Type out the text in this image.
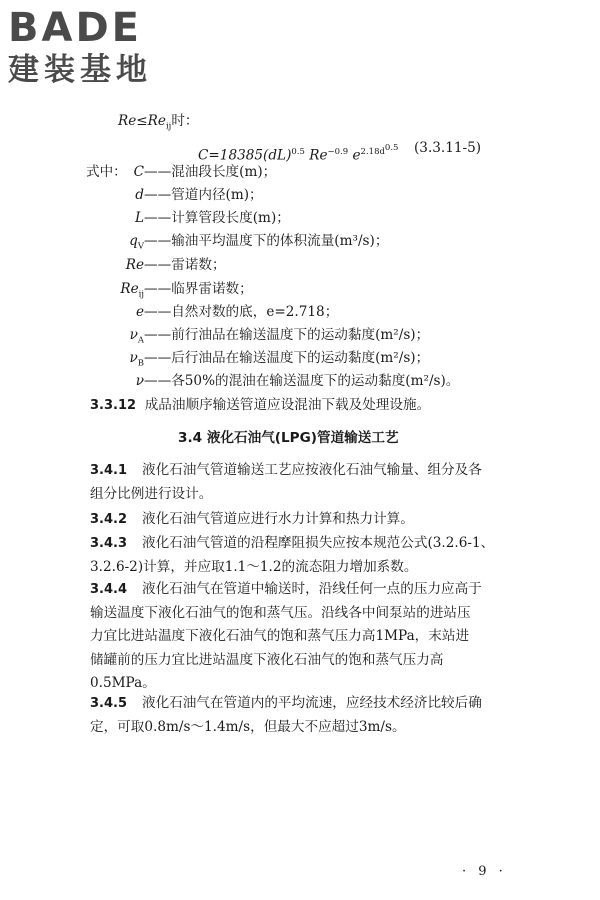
BADE
建装基地
$Re\le Re_{ij}$时：
C=18385(dL)$^{0.5}$ $Re^{-0.9}$ $e^{2.18d^{0.5}}$ (3.3.11-5)
式中： C——混油段长度(m)；
d——管道内径(m)；
L——计算管段长度(m)；
$q_V——$输油平均温度下的体积流量(m³/s)；
Re——雷诺数；
$Re_{ij}——$临界雷诺数；
e——自然对数的底，e=2.718；
$\nu_A——$前行油品在输送温度下的运动黏度(m²/s)；
$\nu_B——$后行油品在输送温度下的运动黏度(m²/s)；
ν——各50%的混油在输送温度下的运动黏度(m²/s)。
3.3.12 成品油顺序输送管道应设混油下载及处理设施。
3.4 液化石油气(LPG)管道输送工艺
3.4.1 液化石油气管道输送工艺应按液化石油气输量、组分及各
组分比例进行设计。
3.4.2 液化石油气管道应进行水力计算和热力计算。
3.4.3 液化石油气管道的沿程摩阻损失应按本规范公式(3.2.6-1、
3.2.6-2)计算，并应取1.1～1.2的流态阻力增加系数。
3.4.4 液化石油气在管道中输送时，沿线任何一点的压力应高于
输送温度下液化石油气的饱和蒸气压。沿线各中间泵站的进站压
力宜比进站温度下液化石油气的饱和蒸气压力高1MPa，末站进
储罐前的压力宜比进站温度下液化石油气的饱和蒸气压力高
0.5MPa。
3.4.5 液化石油气在管道内的平均流速，应经技术经济比较后确
定，可取0.8m/s～1.4m/s，但最大不应超过3m/s。
· 9 ·
